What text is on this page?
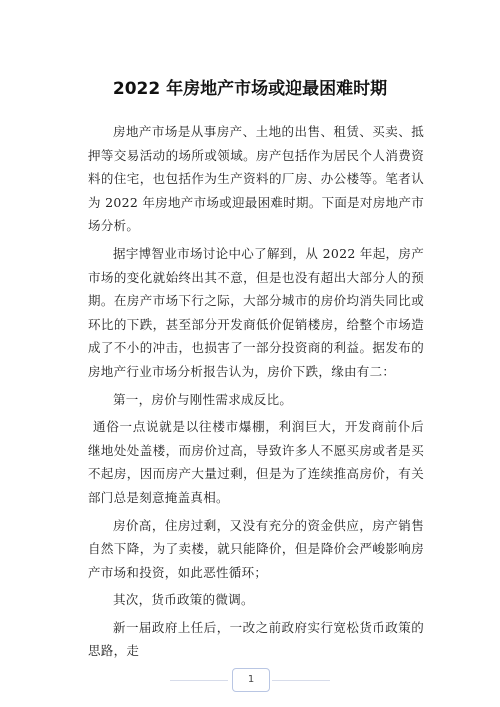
2022 年房地产市场或迎最困难时期

房地产市场是从事房产、土地的出售、租赁、买卖、抵押等交易活动的场所或领域。房产包括作为居民个人消费资料的住宅，也包括作为生产资料的厂房、办公楼等。笔者认为 2022 年房地产市场或迎最困难时期。下面是对房地产市场分析。

据宇博智业市场讨论中心了解到，从 2022 年起，房产市场的变化就始终出其不意，但是也没有超出大部分人的预期。在房产市场下行之际，大部分城市的房价均消失同比或环比的下跌，甚至部分开发商低价促销楼房，给整个市场造成了不小的冲击，也损害了一部分投资商的利益。据发布的房地产行业市场分析报告认为，房价下跌，缘由有二：

第一，房价与刚性需求成反比。

通俗一点说就是以往楼市爆棚，利润巨大，开发商前仆后继地处处盖楼，而房价过高，导致许多人不愿买房或者是买不起房，因而房产大量过剩，但是为了连续推高房价，有关部门总是刻意掩盖真相。

房价高，住房过剩，又没有充分的资金供应，房产销售自然下降，为了卖楼，就只能降价，但是降价会严峻影响房产市场和投资，如此恶性循环；

其次，货币政策的微调。

新一届政府上任后，一改之前政府实行宽松货币政策的思路，走

1
